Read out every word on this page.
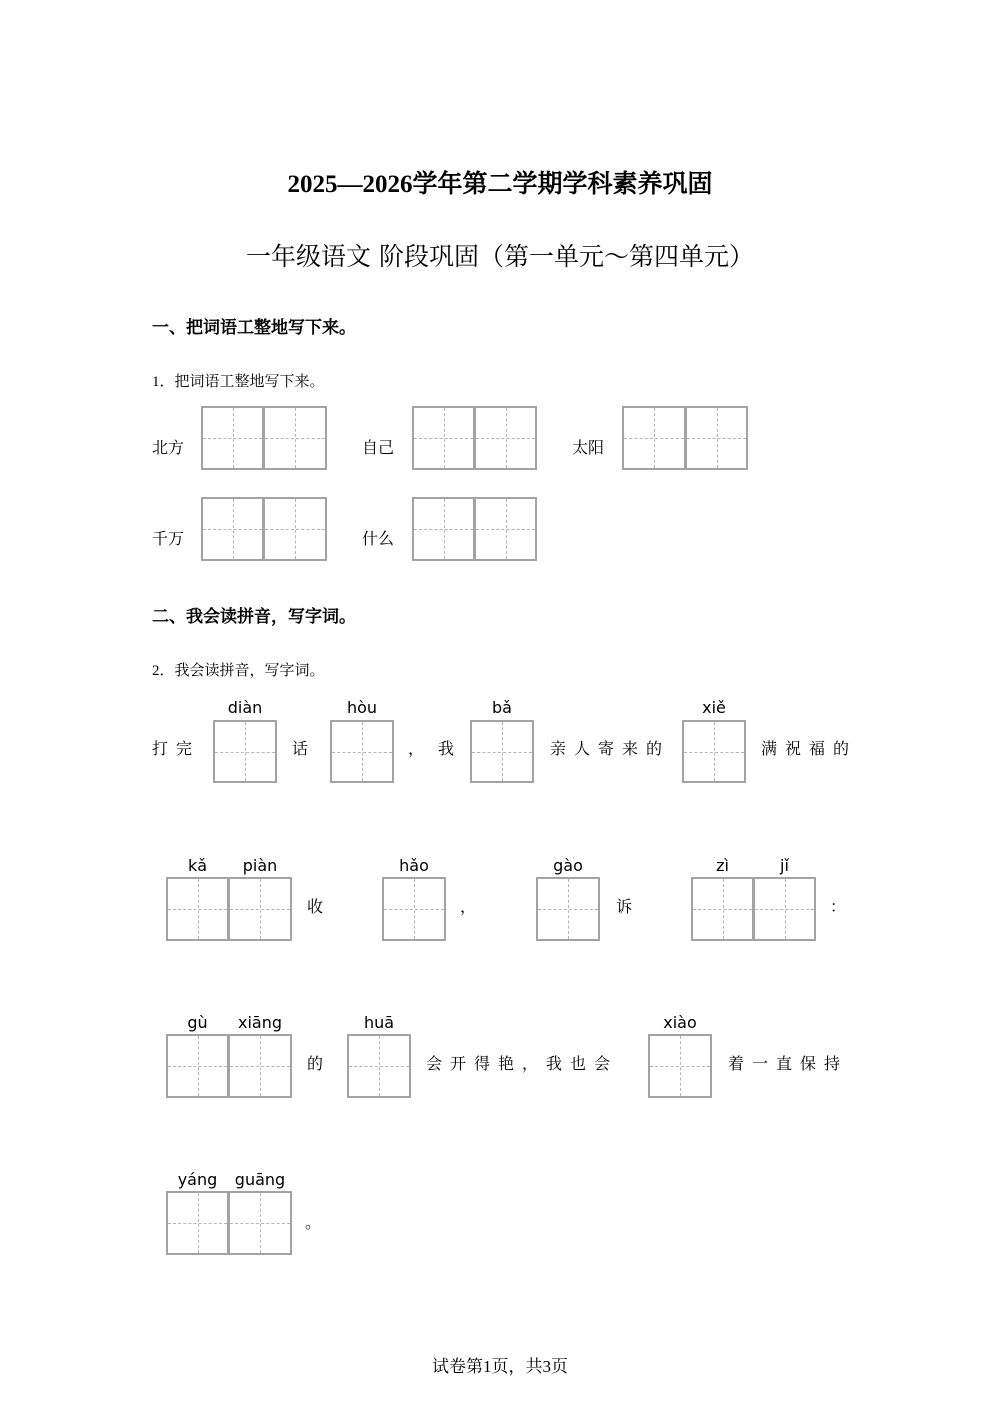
2025—2026学年第二学期学科素养巩固
一年级语文 阶段巩固（第一单元～第四单元）
一、把词语工整地写下来。
1．把词语工整地写下来。
北方	自己	太阳
千万	什么
二、我会读拼音，写字词。
2．我会读拼音，写字词。
打完
diàn
话
hòu
，我
bǎ
亲人寄来的
xiě
满祝福的
kǎ	piàn
收
hǎo
，
gào
诉
zì	jǐ
：
gù	xiāng
的
huā
会开得艳，我也会
xiào
着一直保持
yáng	guāng
。
试卷第1页，共3页
